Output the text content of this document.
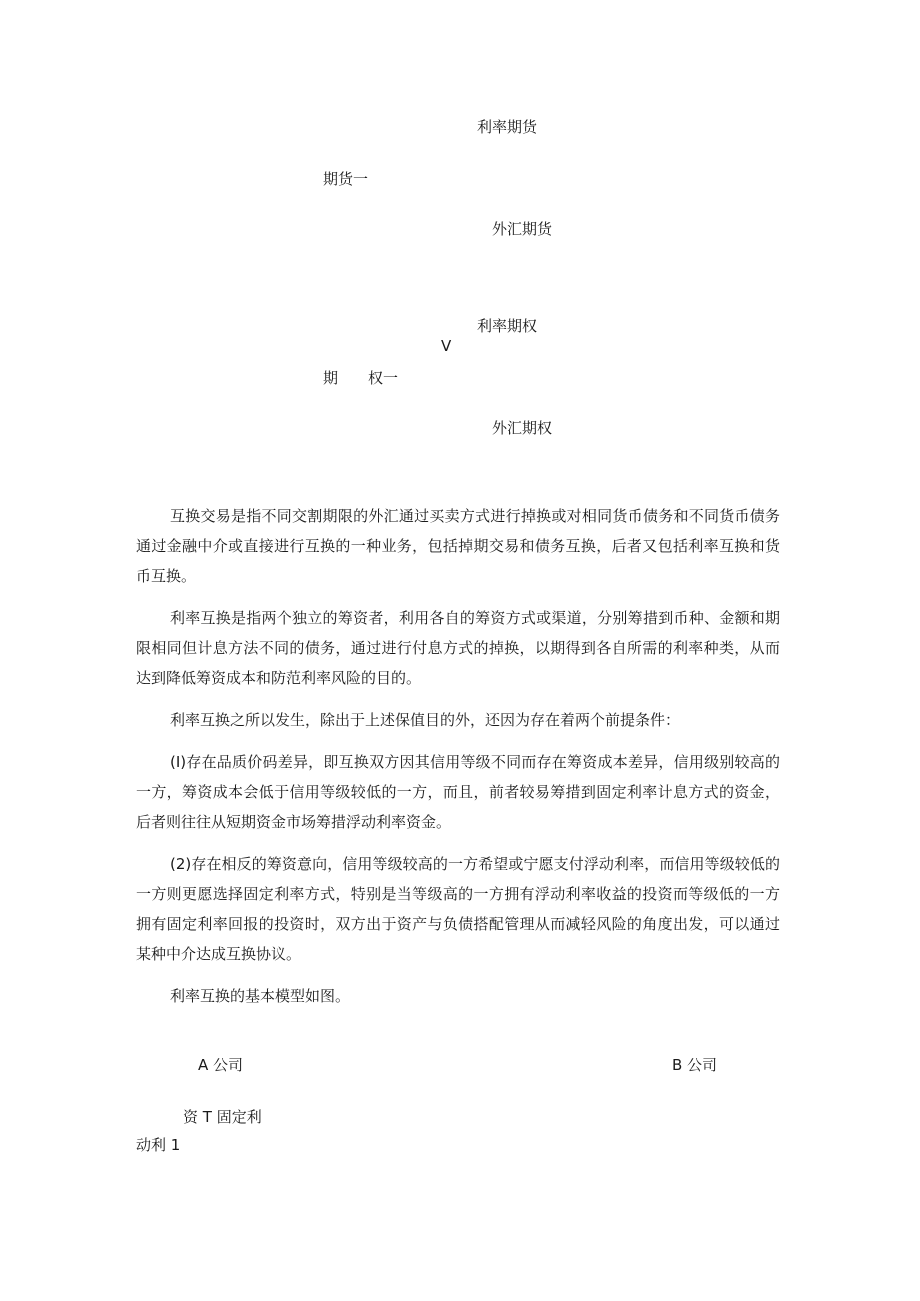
利率期货
期货一
外汇期货
利率期权
V
期　　权一
外汇期权
互换交易是指不同交割期限的外汇通过买卖方式进行掉换或对相同货币债务和不同货币债务通过金融中介或直接进行互换的一种业务，包括掉期交易和债务互换，后者又包括利率互换和货币互换。
利率互换是指两个独立的筹资者，利用各自的筹资方式或渠道，分别筹措到币种、金额和期限相同但计息方法不同的债务，通过进行付息方式的掉换，以期得到各自所需的利率种类，从而达到降低筹资成本和防范利率风险的目的。
利率互换之所以发生，除出于上述保值目的外，还因为存在着两个前提条件：
(I)存在品质价码差异，即互换双方因其信用等级不同而存在筹资成本差异，信用级别较高的一方，筹资成本会低于信用等级较低的一方，而且，前者较易筹措到固定利率计息方式的资金，后者则往往从短期资金市场筹措浮动利率资金。
(2)存在相反的筹资意向，信用等级较高的一方希望或宁愿支付浮动利率，而信用等级较低的一方则更愿选择固定利率方式，特别是当等级高的一方拥有浮动利率收益的投资而等级低的一方拥有固定利率回报的投资时，双方出于资产与负债搭配管理从而减轻风险的角度出发，可以通过某种中介达成互换协议。
利率互换的基本模型如图。
A 公司	B 公司
资 T 固定利
动利 1
